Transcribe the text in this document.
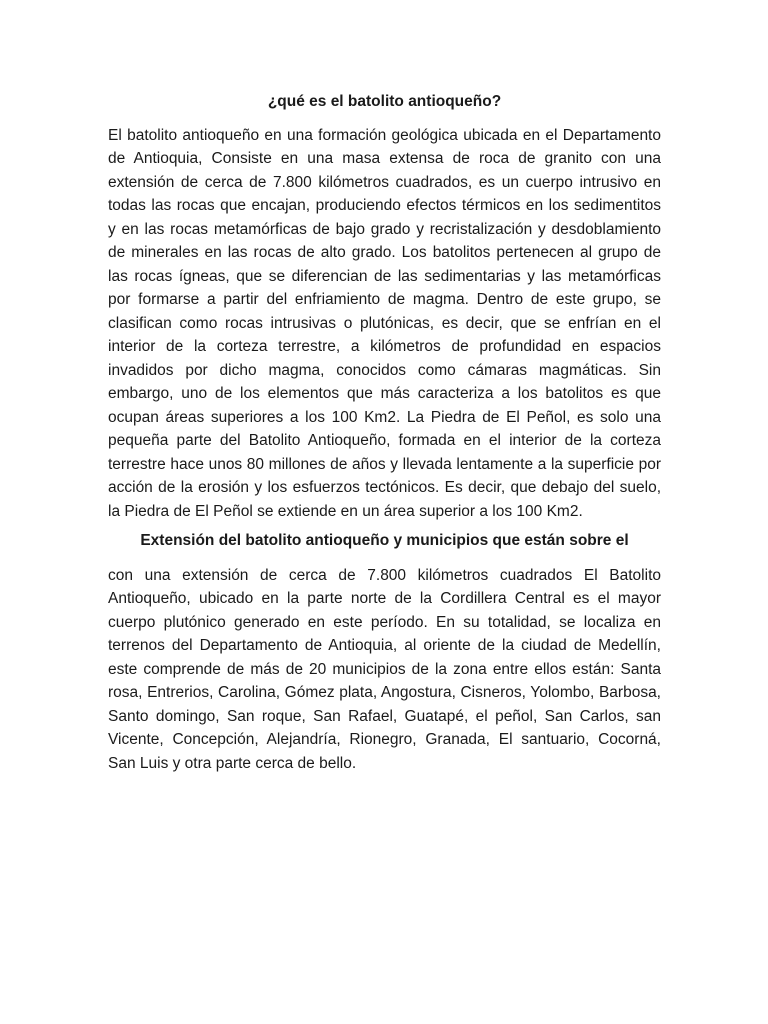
¿qué es el batolito antioqueño?

El batolito antioqueño en una formación geológica ubicada en el Departamento de Antioquia, Consiste en una masa extensa de roca de granito con una extensión de cerca de 7.800 kilómetros cuadrados, es un cuerpo intrusivo en todas las rocas que encajan, produciendo efectos térmicos en los sedimentitos y en las rocas metamórficas de bajo grado y recristalización y desdoblamiento de minerales en las rocas de alto grado. Los batolitos pertenecen al grupo de las rocas ígneas, que se diferencian de las sedimentarias y las metamórficas por formarse a partir del enfriamiento de magma. Dentro de este grupo, se clasifican como rocas intrusivas o plutónicas, es decir, que se enfrían en el interior de la corteza terrestre, a kilómetros de profundidad en espacios invadidos por dicho magma, conocidos como cámaras magmáticas. Sin embargo, uno de los elementos que más caracteriza a los batolitos es que ocupan áreas superiores a los 100 Km2. La Piedra de El Peñol, es solo una pequeña parte del Batolito Antioqueño, formada en el interior de la corteza terrestre hace unos 80 millones de años y llevada lentamente a la superficie por acción de la erosión y los esfuerzos tectónicos. Es decir, que debajo del suelo, la Piedra de El Peñol se extiende en un área superior a los 100 Km2.

Extensión del batolito antioqueño y municipios que están sobre el

con una extensión de cerca de 7.800 kilómetros cuadrados El Batolito Antioqueño, ubicado en la parte norte de la Cordillera Central es el mayor cuerpo plutónico generado en este período. En su totalidad, se localiza en terrenos del Departamento de Antioquia, al oriente de la ciudad de Medellín, este comprende de más de 20 municipios de la zona entre ellos están: Santa rosa, Entrerios, Carolina, Gómez plata, Angostura, Cisneros, Yolombo, Barbosa, Santo domingo, San roque, San Rafael, Guatapé, el peñol, San Carlos, san Vicente, Concepción, Alejandría, Rionegro, Granada, El santuario, Cocorná, San Luis y otra parte cerca de bello.
